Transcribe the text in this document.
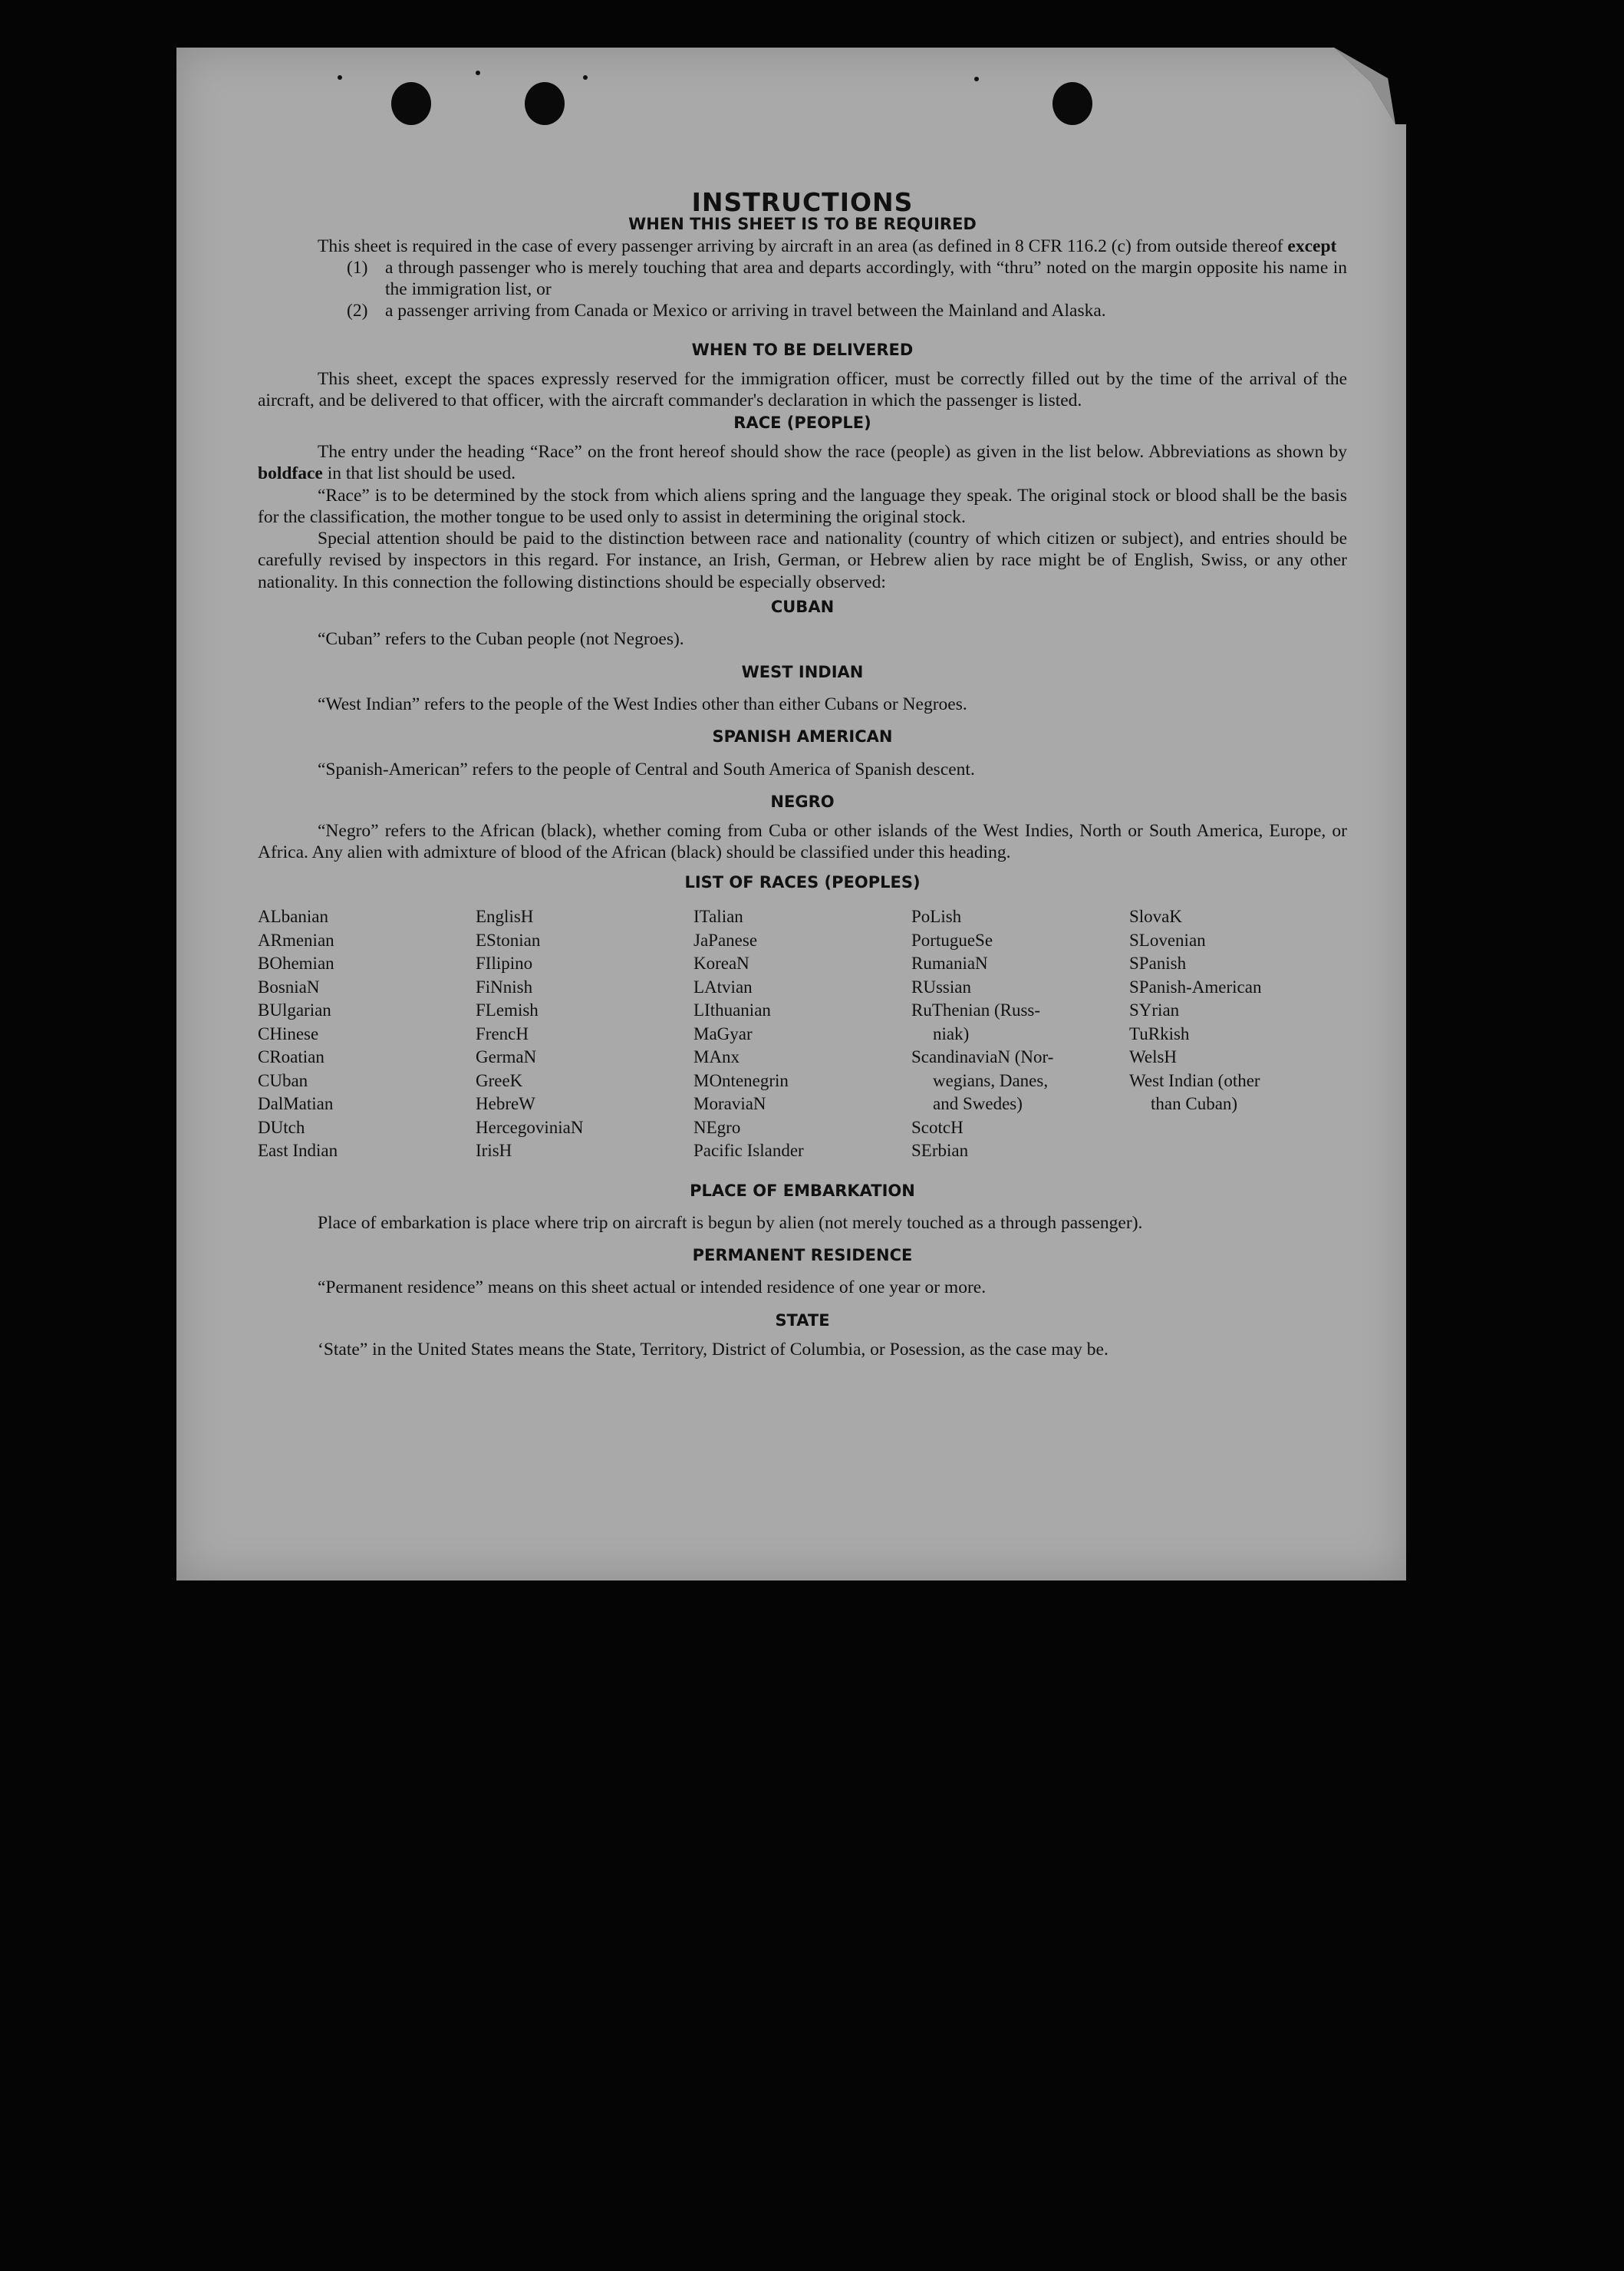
INSTRUCTIONS
WHEN THIS SHEET IS TO BE REQUIRED

This sheet is required in the case of every passenger arriving by aircraft in an area (as defined in 8 CFR 116.2 (c) from outside thereof except

(1) a through passenger who is merely touching that area and departs accordingly, with “thru” noted on the margin opposite his name in the immigration list, or
(2) a passenger arriving from Canada or Mexico or arriving in travel between the Mainland and Alaska.
WHEN TO BE DELIVERED

This sheet, except the spaces expressly reserved for the immigration officer, must be correctly filled out by the time of the arrival of the aircraft, and be delivered to that officer, with the aircraft commander's declaration in which the passenger is listed.

RACE (PEOPLE)

The entry under the heading “Race” on the front hereof should show the race (people) as given in the list below. Abbreviations as shown by boldface in that list should be used.

“Race” is to be determined by the stock from which aliens spring and the language they speak. The original stock or blood shall be the basis for the classification, the mother tongue to be used only to assist in determining the original stock.

Special attention should be paid to the distinction between race and nationality (country of which citizen or subject), and entries should be carefully revised by inspectors in this regard. For instance, an Irish, German, or Hebrew alien by race might be of English, Swiss, or any other nationality. In this connection the following distinctions should be especially observed:

CUBAN

“Cuban” refers to the Cuban people (not Negroes).

WEST INDIAN

“West Indian” refers to the people of the West Indies other than either Cubans or Negroes.

SPANISH AMERICAN

“Spanish-American” refers to the people of Central and South America of Spanish descent.

NEGRO

“Negro” refers to the African (black), whether coming from Cuba or other islands of the West Indies, North or South America, Europe, or Africa. Any alien with admixture of blood of the African (black) should be classified under this heading.

LIST OF RACES (PEOPLES)
ALbanian
ARmenian
BOhemian
BosniaN
BUlgarian
CHinese
CRoatian
CUban
DalMatian
DUtch
East Indian
EnglisH
EStonian
FIlipino
FiNnish
FLemish
FrencH
GermaN
GreeK
HebreW
HercegoviniaN
IrisH
ITalian
JaPanese
KoreaN
LAtvian
LIthuanian
MaGyar
MAnx
MOntenegrin
MoraviaN
NEgro
Pacific Islander
PoLish
PortugueSe
RumaniaN
RUssian
RuThenian (Russ-
niak)
ScandinaviaN (Nor-
wegians, Danes,
and Swedes)
ScotcH
SErbian
SlovaK
SLovenian
SPanish
SPanish-American
SYrian
TuRkish
WelsH
West Indian (other
than Cuban)
PLACE OF EMBARKATION

Place of embarkation is place where trip on aircraft is begun by alien (not merely touched as a through passenger).

PERMANENT RESIDENCE

“Permanent residence” means on this sheet actual or intended residence of one year or more.

STATE

‘State” in the United States means the State, Territory, District of Columbia, or Posession, as the case may be.
